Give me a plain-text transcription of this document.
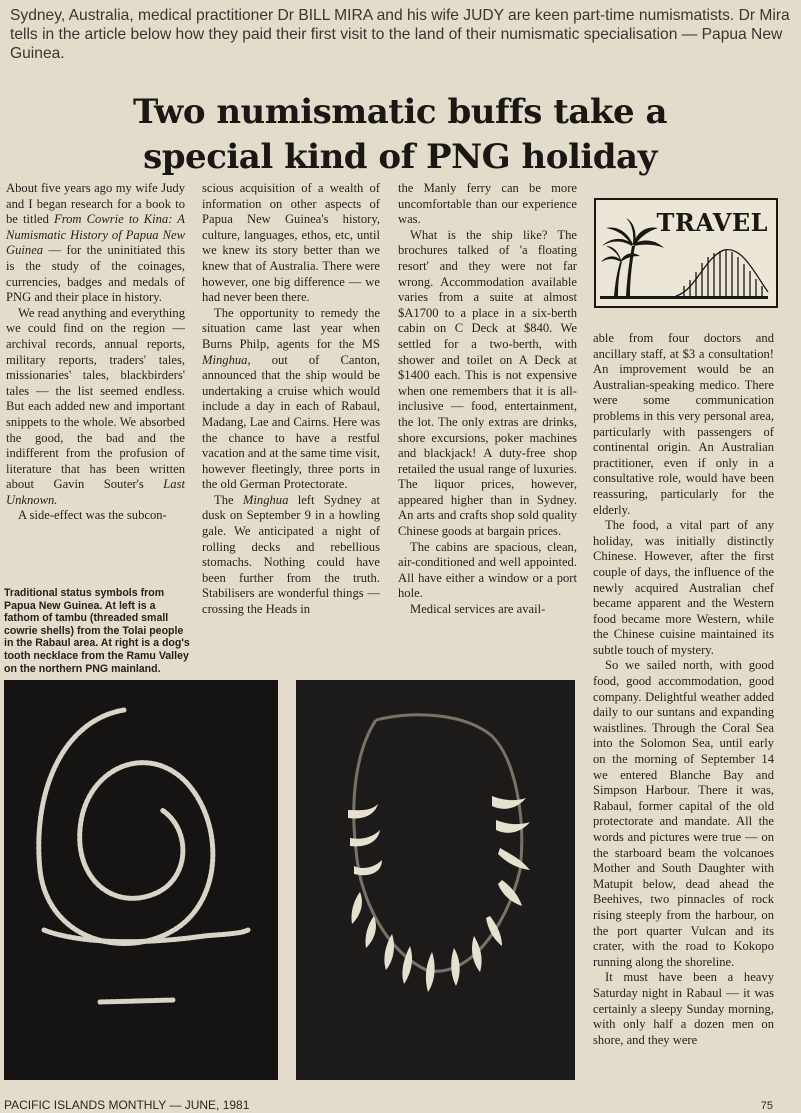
Sydney, Australia, medical practitioner Dr BILL MIRA and his wife JUDY are keen part-time numismatists. Dr Mira tells in the article below how they paid their first visit to the land of their numismatic specialisation — Papua New Guinea.
Two numismatic buffs take a
special kind of PNG holiday

About five years ago my wife Judy and I began research for a book to be titled From Cowrie to Kina: A Numismatic History of Papua New Guinea — for the uninitiated this is the study of the coinages, currencies, badges and medals of PNG and their place in history.

We read anything and everything we could find on the region — archival records, annual reports, military reports, traders' tales, missionaries' tales, blackbirders' tales — the list seemed endless. But each added new and important snippets to the whole. We absorbed the good, the bad and the indifferent from the profusion of literature that has been written about Gavin Souter's Last Unknown.

A side-effect was the subcon-

Traditional status symbols from Papua New Guinea. At left is a fathom of tambu (threaded small cowrie shells) from the Tolai people in the Rabaul area. At right is a dog's tooth necklace from the Ramu Valley on the northern PNG mainland.

scious acquisition of a wealth of information on other aspects of Papua New Guinea's history, culture, languages, ethos, etc, until we knew its story better than we knew that of Australia. There were however, one big difference — we had never been there.

The opportunity to remedy the situation came last year when Burns Philp, agents for the MS Minghua, out of Canton, announced that the ship would be undertaking a cruise which would include a day in each of Rabaul, Madang, Lae and Cairns. Here was the chance to have a restful vacation and at the same time visit, however fleetingly, three ports in the old German Protectorate.

The Minghua left Sydney at dusk on September 9 in a howling gale. We anticipated a night of rolling decks and rebellious stomachs. Nothing could have been further from the truth. Stabilisers are wonderful things — crossing the Heads in

the Manly ferry can be more uncomfortable than our experience was.

What is the ship like? The brochures talked of 'a floating resort' and they were not far wrong. Accommodation available varies from a suite at almost $A1700 to a place in a six-berth cabin on C Deck at $840. We settled for a two-berth, with shower and toilet on A Deck at $1400 each. This is not expensive when one remembers that it is all-inclusive — food, entertainment, the lot. The only extras are drinks, shore excursions, poker machines and blackjack! A duty-free shop retailed the usual range of luxuries. The liquor prices, however, appeared higher than in Sydney. An arts and crafts shop sold quality Chinese goods at bargain prices.

The cabins are spacious, clean, air-conditioned and well appointed. All have either a window or a port hole.

Medical services are avail-

TRAVEL

able from four doctors and ancillary staff, at $3 a consultation! An improvement would be an Australian-speaking medico. There were some communication problems in this very personal area, particularly with passengers of continental origin. An Australian practitioner, even if only in a consultative role, would have been reassuring, particularly for the elderly.

The food, a vital part of any holiday, was initially distinctly Chinese. However, after the first couple of days, the influence of the newly acquired Australian chef became apparent and the Western food became more Western, while the Chinese cuisine maintained its subtle touch of mystery.

So we sailed north, with good food, good accommodation, good company. Delightful weather added daily to our suntans and expanding waistlines. Through the Coral Sea into the Solomon Sea, until early on the morning of September 14 we entered Blanche Bay and Simpson Harbour. There it was, Rabaul, former capital of the old protectorate and mandate. All the words and pictures were true — on the starboard beam the volcanoes Mother and South Daughter with Matupit below, dead ahead the Beehives, two pinnacles of rock rising steeply from the harbour, on the port quarter Vulcan and its crater, with the road to Kokopo running along the shoreline.

It must have been a heavy Saturday night in Rabaul — it was certainly a sleepy Sunday morning, with only half a dozen men on shore, and they were

PACIFIC ISLANDS MONTHLY — JUNE, 1981	75
